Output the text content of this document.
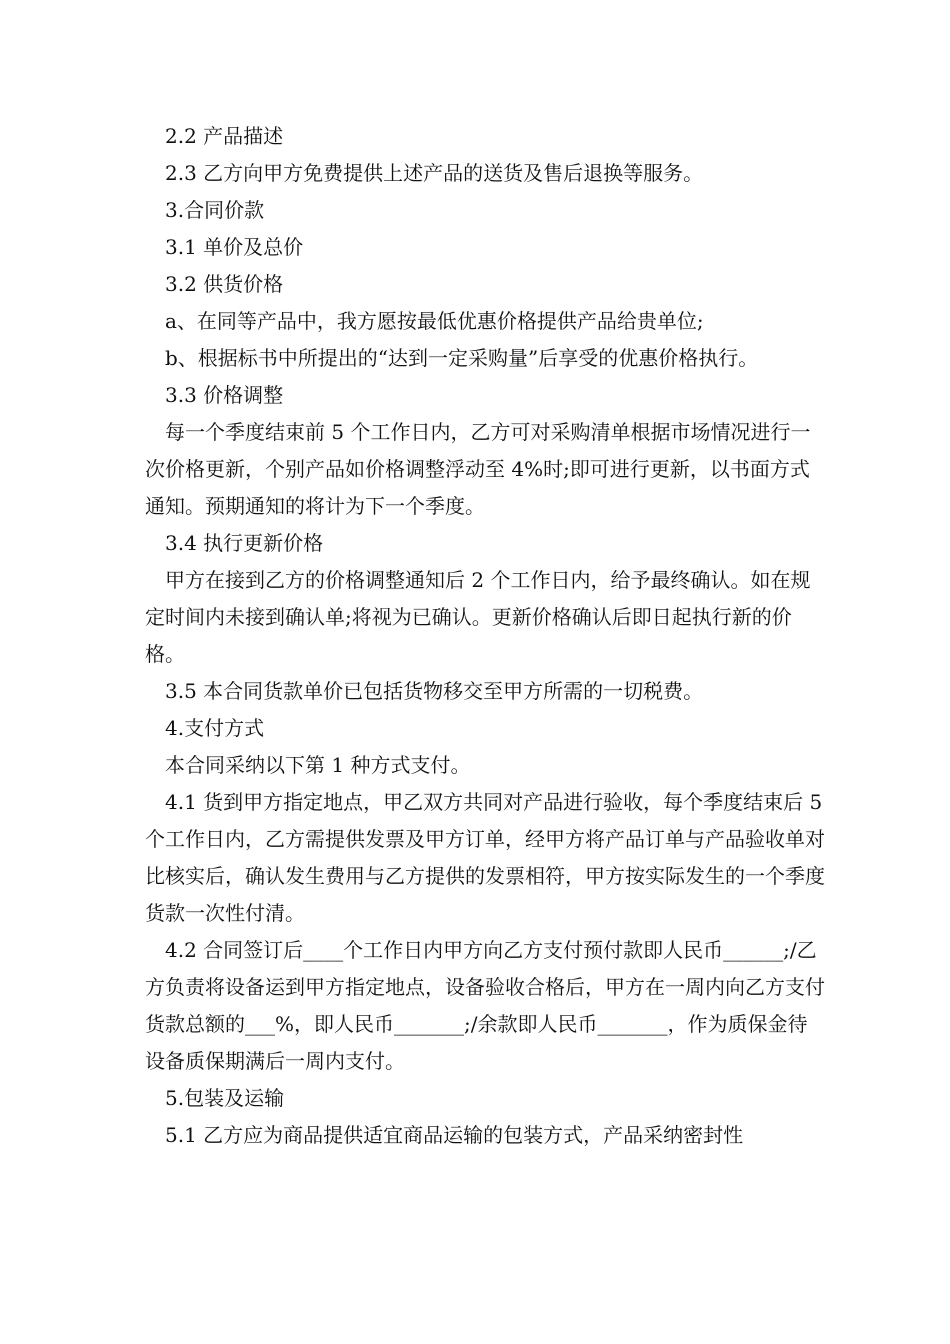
2.2 产品描述

2.3 乙方向甲方免费提供上述产品的送货及售后退换等服务。

3.合同价款

3.1 单价及总价

3.2 供货价格

a、在同等产品中，我方愿按最低优惠价格提供产品给贵单位;

b、根据标书中所提出的“达到一定采购量”后享受的优惠价格执行。

3.3 价格调整

每一个季度结束前 5 个工作日内，乙方可对采购清单根据市场情况进行一次价格更新，个别产品如价格调整浮动至 4%时;即可进行更新，以书面方式通知。预期通知的将计为下一个季度。

3.4 执行更新价格

甲方在接到乙方的价格调整通知后 2 个工作日内，给予最终确认。如在规定时间内未接到确认单;将视为已确认。更新价格确认后即日起执行新的价格。

3.5 本合同货款单价已包括货物移交至甲方所需的一切税费。

4.支付方式

本合同采纳以下第 1 种方式支付。

4.1 货到甲方指定地点，甲乙双方共同对产品进行验收，每个季度结束后 5 个工作日内，乙方需提供发票及甲方订单，经甲方将产品订单与产品验收单对比核实后，确认发生费用与乙方提供的发票相符，甲方按实际发生的一个季度货款一次性付清。

4.2 合同签订后____个工作日内甲方向乙方支付预付款即人民币______;/乙方负责将设备运到甲方指定地点，设备验收合格后，甲方在一周内向乙方支付货款总额的___%，即人民币_______;/余款即人民币_______，作为质保金待设备质保期满后一周内支付。

5.包装及运输

5.1 乙方应为商品提供适宜商品运输的包装方式，产品采纳密封性
